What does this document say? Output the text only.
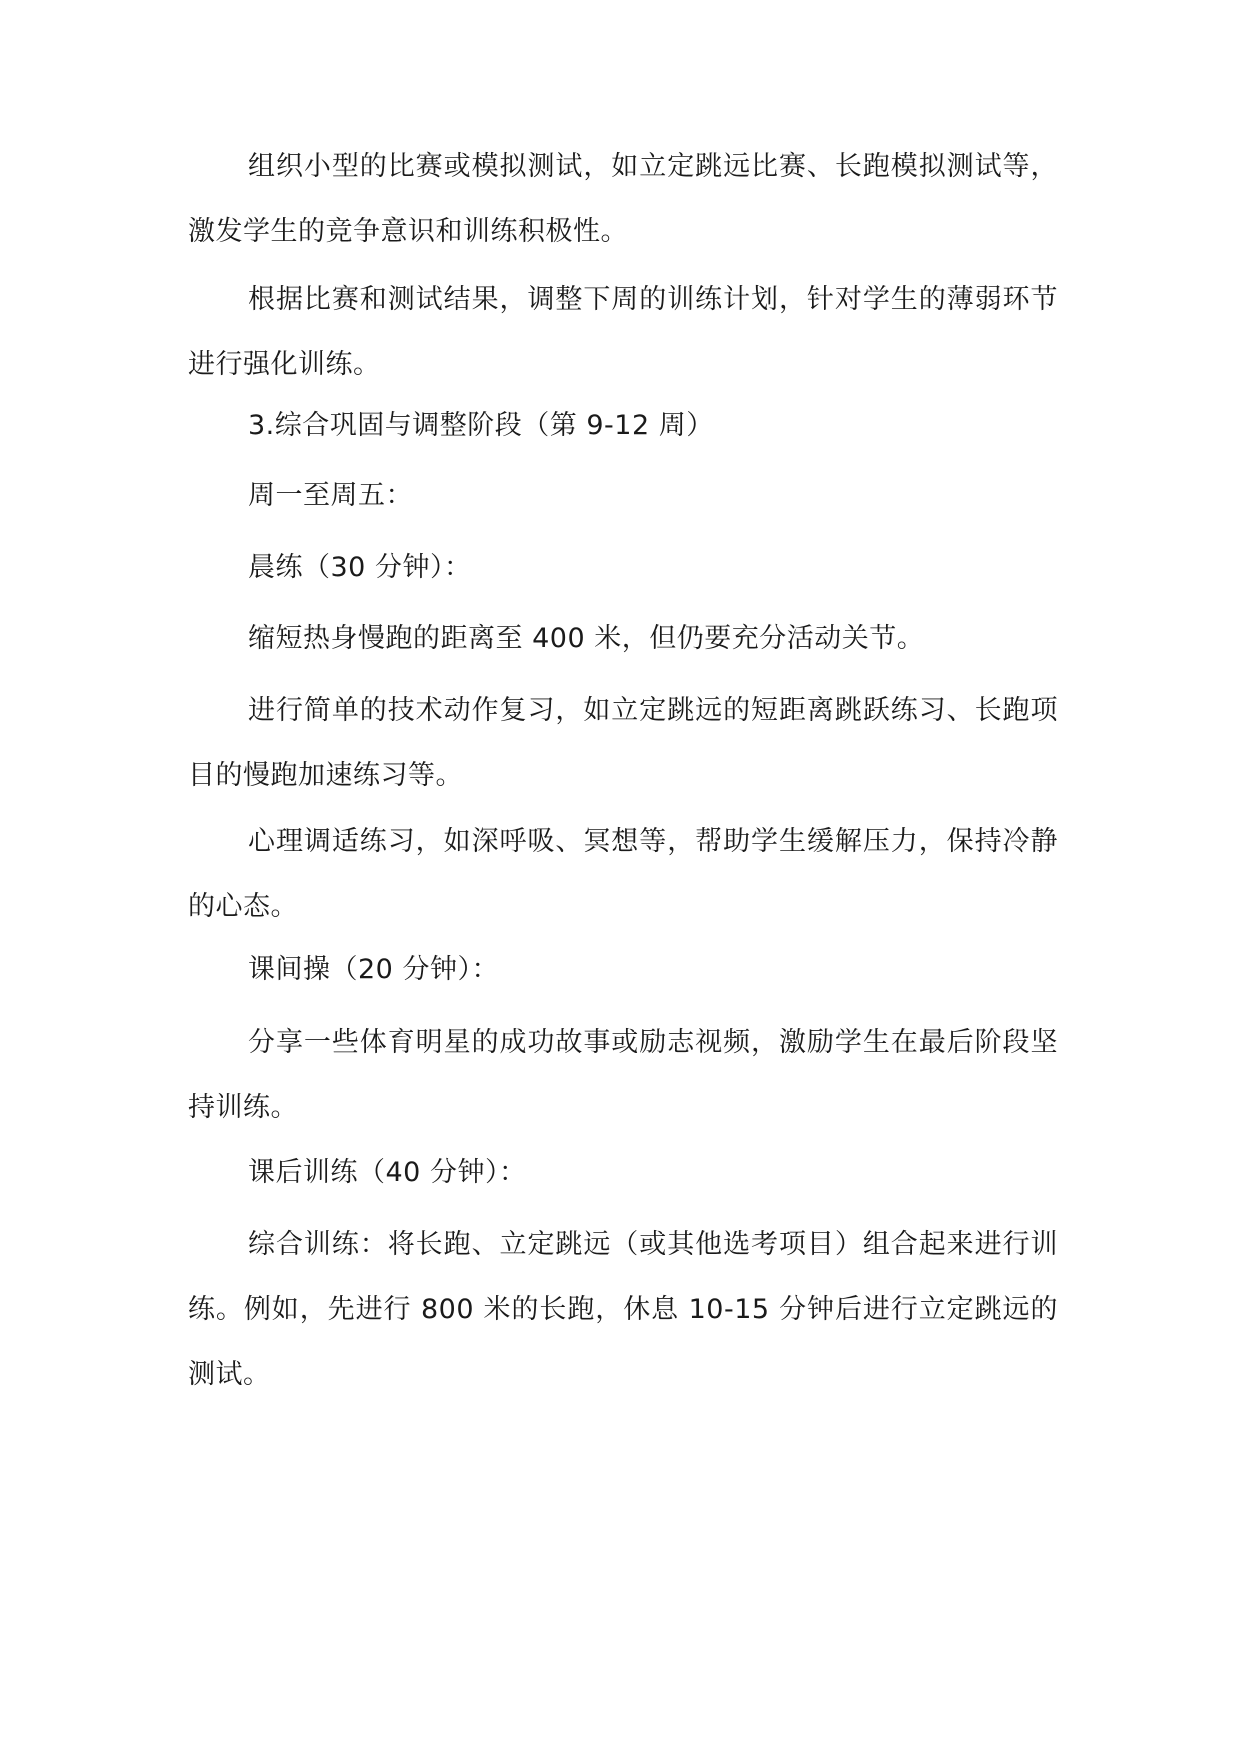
组织小型的比赛或模拟测试，如立定跳远比赛、长跑模拟测试等，激发学生的竞争意识和训练积极性。

根据比赛和测试结果，调整下周的训练计划，针对学生的薄弱环节进行强化训练。

3.综合巩固与调整阶段（第 9-12 周）

周一至周五：

晨练（30 分钟）：

缩短热身慢跑的距离至 400 米，但仍要充分活动关节。

进行简单的技术动作复习，如立定跳远的短距离跳跃练习、长跑项目的慢跑加速练习等。

心理调适练习，如深呼吸、冥想等，帮助学生缓解压力，保持冷静的心态。

课间操（20 分钟）：

分享一些体育明星的成功故事或励志视频，激励学生在最后阶段坚持训练。

课后训练（40 分钟）：

综合训练：将长跑、立定跳远（或其他选考项目）组合起来进行训练。例如，先进行 800 米的长跑，休息 10-15 分钟后进行立定跳远的测试。
